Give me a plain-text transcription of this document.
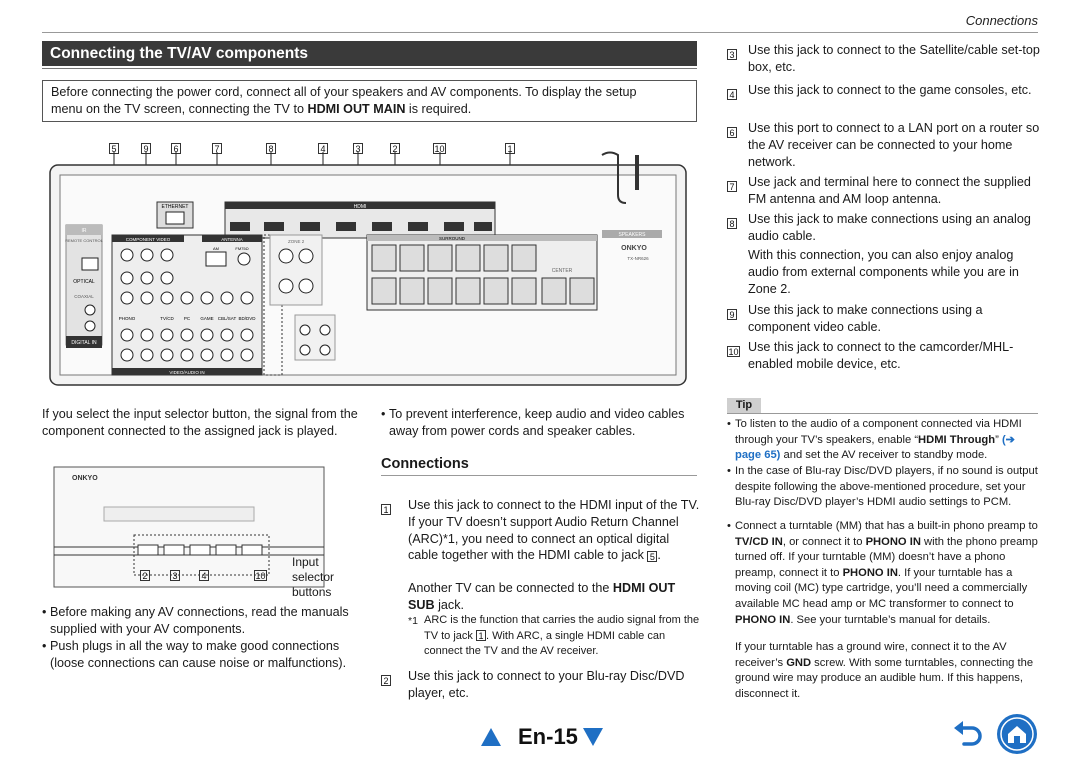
Connections
Connecting the TV/AV components
Before connecting the power cord, connect all of your speakers and AV components. To display the setup
menu on the TV screen, connecting the TV to HDMI OUT MAIN is required.
5	9	6	7	8	4	3	2	10	1
IR
REMOTE CONTROL
OPTICAL
COAXIAL
DIGITAL IN
ETHERNET	HDMI
COMPONENT VIDEO	ANTENNA
AM	FM75Ω
PHONO	TV/CD PC GAME CBL/SAT BD/DVD
VIDEO/AUDIO IN
ZONE 2
SURROUND
CENTER
SPEAKERS
ONKYO
TX-NR626
If you select the input selector button, the signal from the component connected to the assigned jack is played.
ONKYO
2	3	4	10
Input
selector
buttons
• Before making any AV connections, read the manuals supplied with your AV components.
• Push plugs in all the way to make good connections (loose connections can cause noise or malfunctions).
• To prevent interference, keep audio and video cables away from power cords and speaker cables.
Connections
1 Use this jack to connect to the HDMI input of the TV. If your TV doesn’t support Audio Return Channel (ARC)*1, you need to connect an optical digital cable together with the HDMI cable to jack 5 .
Another TV can be connected to the HDMI OUT SUB jack.
*1 ARC is the function that carries the audio signal from the TV to jack 1 . With ARC, a single HDMI cable can connect the TV and the AV receiver.
2 Use this jack to connect to your Blu-ray Disc/DVD player, etc.
3 Use this jack to connect to the Satellite/cable set-top box, etc.
4 Use this jack to connect to the game consoles, etc.
6 Use this port to connect to a LAN port on a router so the AV receiver can be connected to your home network.
7 Use jack and terminal here to connect the supplied FM antenna and AM loop antenna.
8 Use this jack to make connections using an analog audio cable.
With this connection, you can also enjoy analog audio from external components while you are in Zone 2.
9 Use this jack to make connections using a component video cable.
10 Use this jack to connect to the camcorder/MHL-enabled mobile device, etc.
Tip
• To listen to the audio of a component connected via HDMI through your TV’s speakers, enable “HDMI Through” (➔ page 65) and set the AV receiver to standby mode.
• In the case of Blu-ray Disc/DVD players, if no sound is output despite following the above-mentioned procedure, set your Blu-ray Disc/DVD player’s HDMI audio settings to PCM.
• Connect a turntable (MM) that has a built-in phono preamp to TV/CD IN, or connect it to PHONO IN with the phono preamp turned off. If your turntable (MM) doesn’t have a phono preamp, connect it to PHONO IN. If your turntable has a moving coil (MC) type cartridge, you’ll need a commercially available MC head amp or MC transformer to connect to PHONO IN. See your turntable’s manual for details.
If your turntable has a ground wire, connect it to the AV receiver’s GND screw. With some turntables, connecting the ground wire may produce an audible hum. If this happens, disconnect it.
En-15
